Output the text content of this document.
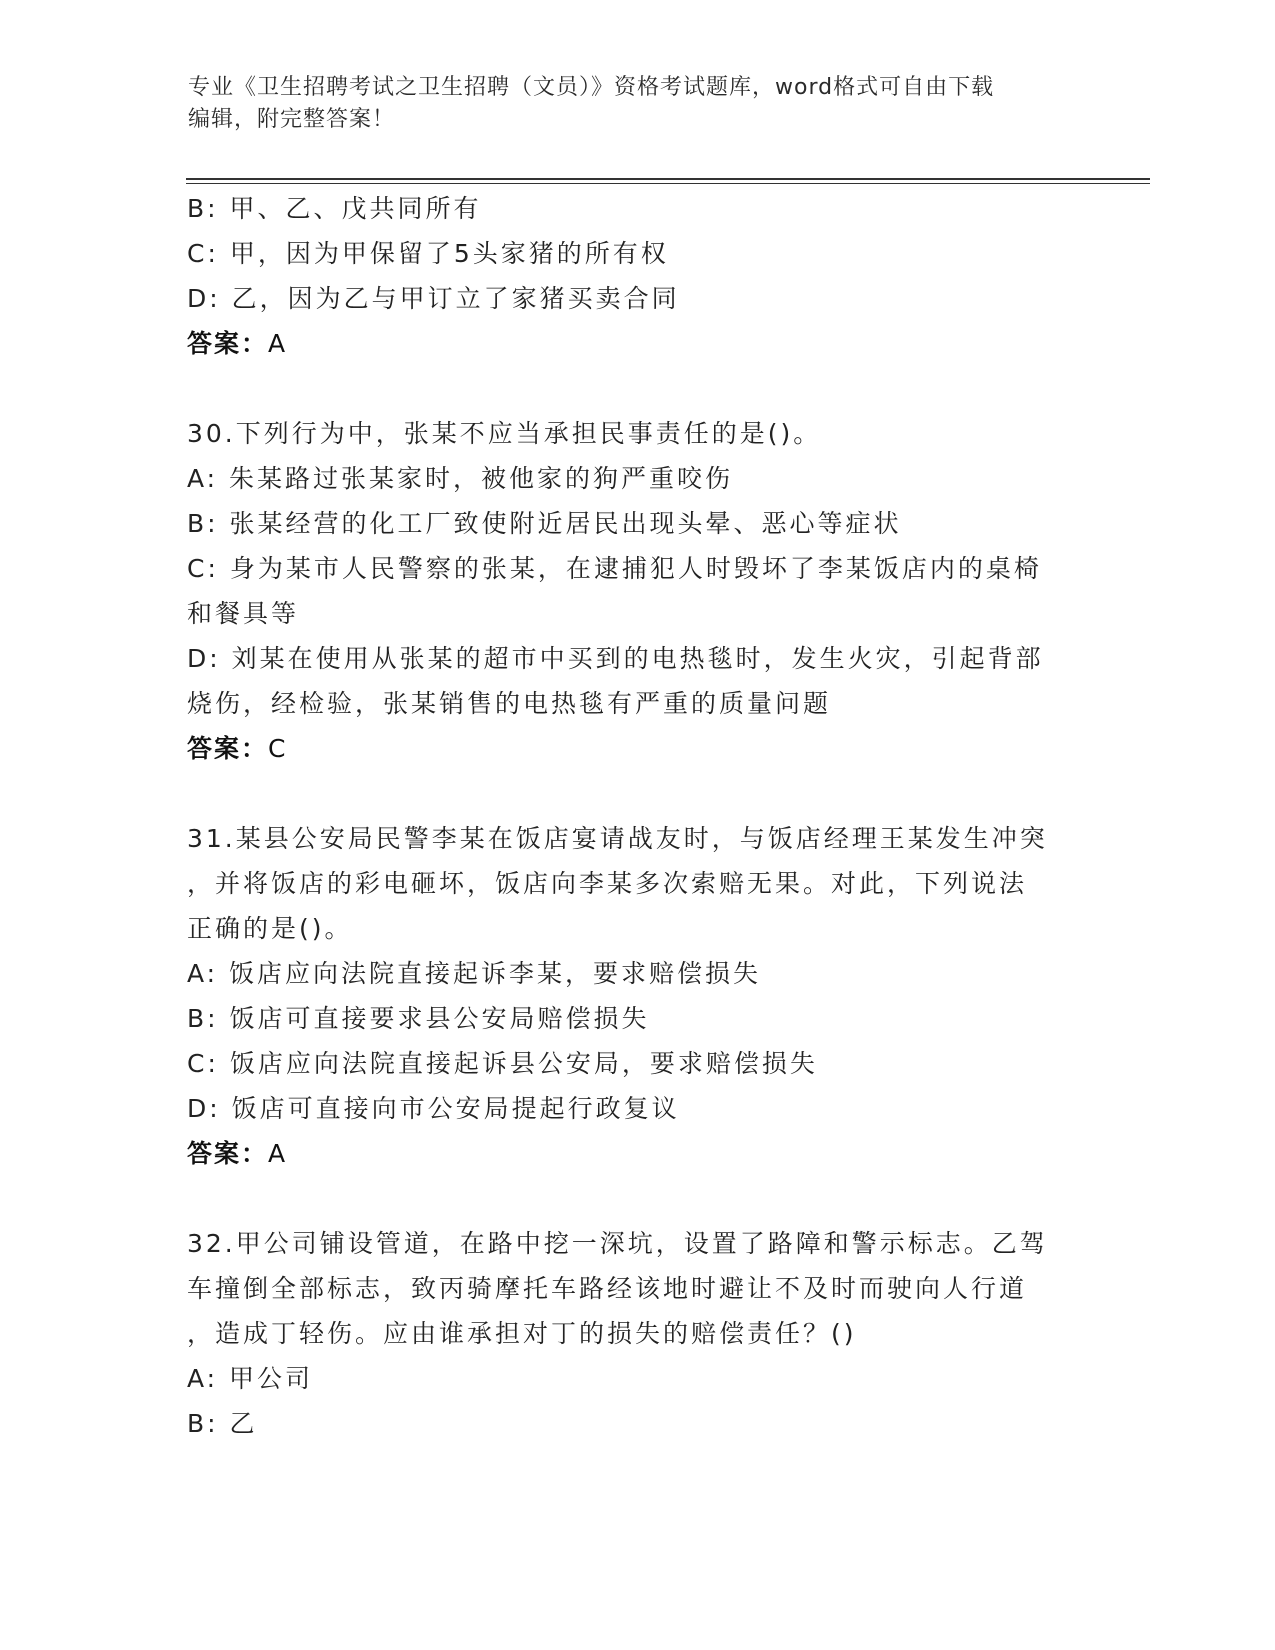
专业《卫生招聘考试之卫生招聘（文员）》资格考试题库，word格式可自由下载
编辑，附完整答案！
B: 甲、乙、戊共同所有
C: 甲，因为甲保留了5头家猪的所有权
D: 乙，因为乙与甲订立了家猪买卖合同
答案：A
30.下列行为中，张某不应当承担民事责任的是()。
A: 朱某路过张某家时，被他家的狗严重咬伤
B: 张某经营的化工厂致使附近居民出现头晕、恶心等症状
C: 身为某市人民警察的张某，在逮捕犯人时毁坏了李某饭店内的桌椅
和餐具等
D: 刘某在使用从张某的超市中买到的电热毯时，发生火灾，引起背部
烧伤，经检验，张某销售的电热毯有严重的质量问题
答案：C
31.某县公安局民警李某在饭店宴请战友时，与饭店经理王某发生冲突
，并将饭店的彩电砸坏，饭店向李某多次索赔无果。对此，下列说法
正确的是()。
A: 饭店应向法院直接起诉李某，要求赔偿损失
B: 饭店可直接要求县公安局赔偿损失
C: 饭店应向法院直接起诉县公安局，要求赔偿损失
D: 饭店可直接向市公安局提起行政复议
答案：A
32.甲公司铺设管道，在路中挖一深坑，设置了路障和警示标志。乙驾
车撞倒全部标志，致丙骑摩托车路经该地时避让不及时而驶向人行道
，造成丁轻伤。应由谁承担对丁的损失的赔偿责任？()
A: 甲公司
B: 乙
